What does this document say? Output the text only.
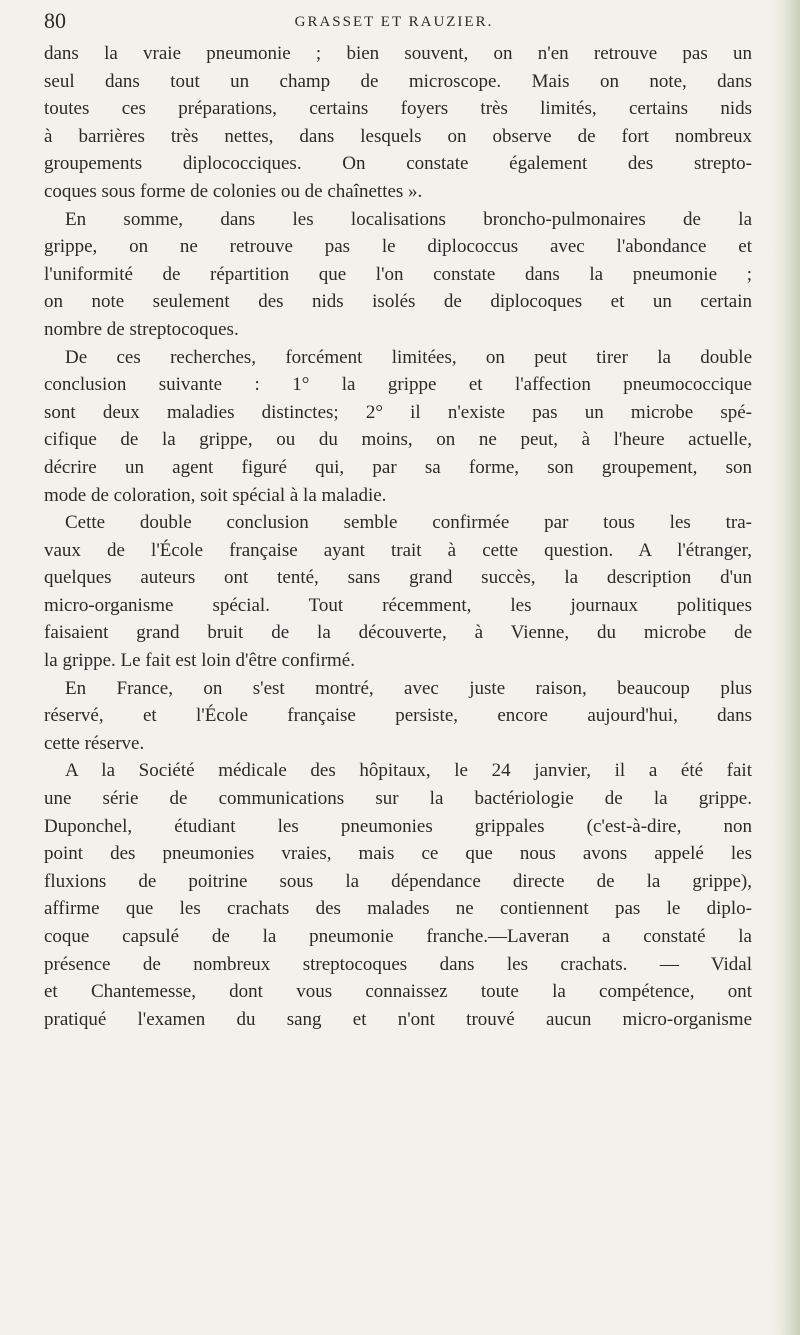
80	GRASSET ET RAUZIER.
dans la vraie pneumonie ; bien souvent, on n'en retrouve pas un
seul dans tout un champ de microscope. Mais on note, dans
toutes ces préparations, certains foyers très limités, certains nids
à barrières très nettes, dans lesquels on observe de fort nombreux
groupements diplococciques. On constate également des strepto-
coques sous forme de colonies ou de chaînettes ».
En somme, dans les localisations broncho-pulmonaires de la
grippe, on ne retrouve pas le diplococcus avec l'abondance et
l'uniformité de répartition que l'on constate dans la pneumonie ;
on note seulement des nids isolés de diplocoques et un certain
nombre de streptocoques.
De ces recherches, forcément limitées, on peut tirer la double
conclusion suivante : 1° la grippe et l'affection pneumococcique
sont deux maladies distinctes; 2° il n'existe pas un microbe spé-
cifique de la grippe, ou du moins, on ne peut, à l'heure actuelle,
décrire un agent figuré qui, par sa forme, son groupement, son
mode de coloration, soit spécial à la maladie.
Cette double conclusion semble confirmée par tous les tra-
vaux de l'École française ayant trait à cette question. A l'étranger,
quelques auteurs ont tenté, sans grand succès, la description d'un
micro-organisme spécial. Tout récemment, les journaux politiques
faisaient grand bruit de la découverte, à Vienne, du microbe de
la grippe. Le fait est loin d'être confirmé.
En France, on s'est montré, avec juste raison, beaucoup plus
réservé, et l'École française persiste, encore aujourd'hui, dans
cette réserve.
A la Société médicale des hôpitaux, le 24 janvier, il a été fait
une série de communications sur la bactériologie de la grippe.
Duponchel, étudiant les pneumonies grippales (c'est-à-dire, non
point des pneumonies vraies, mais ce que nous avons appelé les
fluxions de poitrine sous la dépendance directe de la grippe),
affirme que les crachats des malades ne contiennent pas le diplo-
coque capsulé de la pneumonie franche.—Laveran a constaté la
présence de nombreux streptocoques dans les crachats. — Vidal
et Chantemesse, dont vous connaissez toute la compétence, ont
pratiqué l'examen du sang et n'ont trouvé aucun micro-organisme
